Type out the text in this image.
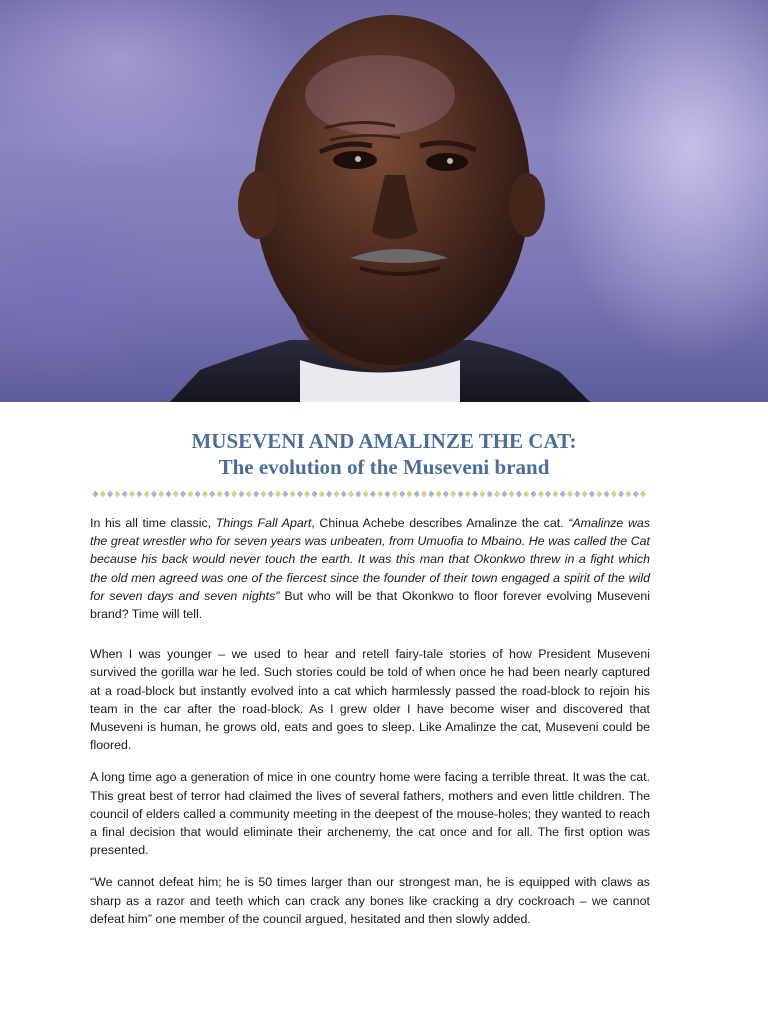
MUSEVENI AND AMALINZE THE CAT:
The evolution of the Museveni brand

In his all time classic, Things Fall Apart, Chinua Achebe describes Amalinze the cat. “Amalinze was the great wrestler who for seven years was unbeaten, from Umuofia to Mbaino. He was called the Cat because his back would never touch the earth. It was this man that Okonkwo threw in a fight which the old men agreed was one of the fiercest since the founder of their town engaged a spirit of the wild for seven days and seven nights” But who will be that Okonkwo to floor forever evolving Museveni brand? Time will tell.

When I was younger – we used to hear and retell fairy-tale stories of how President Museveni survived the gorilla war he led. Such stories could be told of when once he had been nearly captured at a road-block but instantly evolved into a cat which harmlessly passed the road-block to rejoin his team in the car after the road-block. As I grew older I have become wiser and discovered that Museveni is human, he grows old, eats and goes to sleep. Like Amalinze the cat, Museveni could be floored.

A long time ago a generation of mice in one country home were facing a terrible threat. It was the cat. This great best of terror had claimed the lives of several fathers, mothers and even little children. The council of elders called a community meeting in the deepest of the mouse-holes; they wanted to reach a final decision that would eliminate their archenemy, the cat once and for all. The first option was presented.

“We cannot defeat him; he is 50 times larger than our strongest man, he is equipped with claws as sharp as a razor and teeth which can crack any bones like cracking a dry cockroach – we cannot defeat him” one member of the council argued, hesitated and then slowly added.
